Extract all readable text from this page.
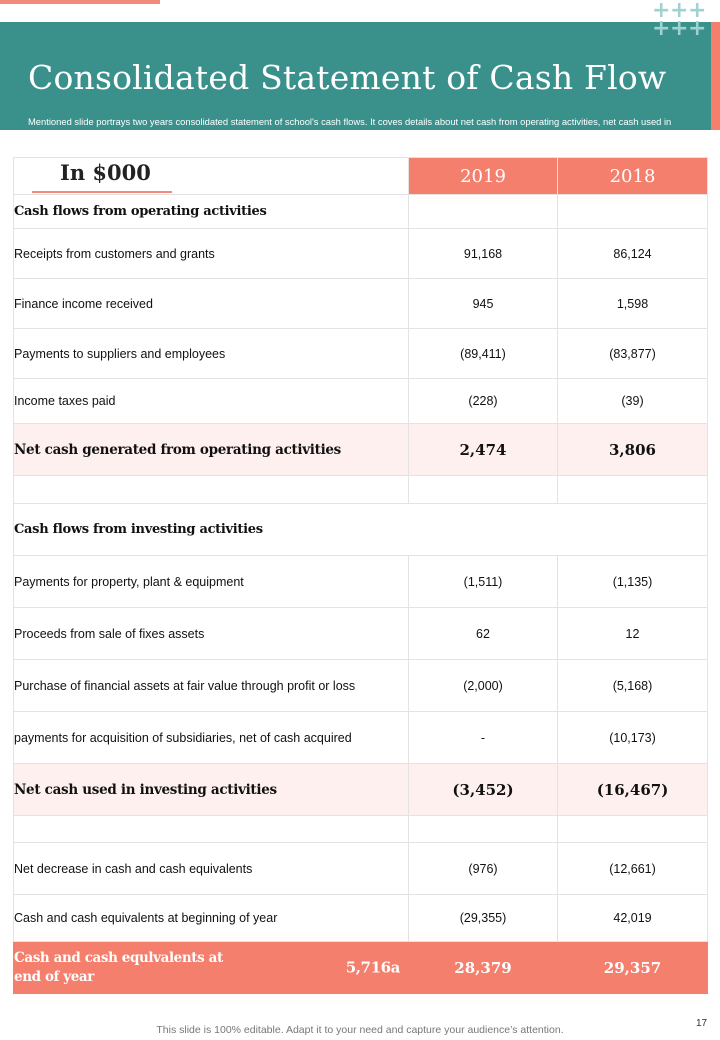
Consolidated Statement of Cash Flow
Mentioned slide portrays two years consolidated statement of school's cash flows. It coves details about net cash from operating activities, net cash used in investing activities and net cash increase in cash & cash equivalent.
+ + +
+ + +
	2019	2018
Cash flows from operating activities		
Receipts from customers and grants	91,168	86,124
Finance income received	945	1,598
Payments to suppliers and employees	(89,411)	(83,877)
Income taxes paid	(228)	(39)
Net cash generated from operating activities	2,474	3,806

Cash flows from investing activities		
Payments for property, plant & equipment	(1,511)	(1,135)
Proceeds from sale of fixes assets	62	12
Purchase of financial assets at fair value through profit or loss	(2,000)	(5,168)
payments for acquisition of subsidiaries, net of cash acquired	-	(10,173)
Net cash used in investing activities	(3,452)	(16,467)

Net decrease in cash and cash equivalents	(976)	(12,661)
Cash and cash equivalents at beginning of year	(29,355)	42,019

Cash and cash equlvalents at
end of year
5,716a	28,379	29,357
In $000
This slide is 100% editable. Adapt it to your need and capture your audience’s attention.
17
